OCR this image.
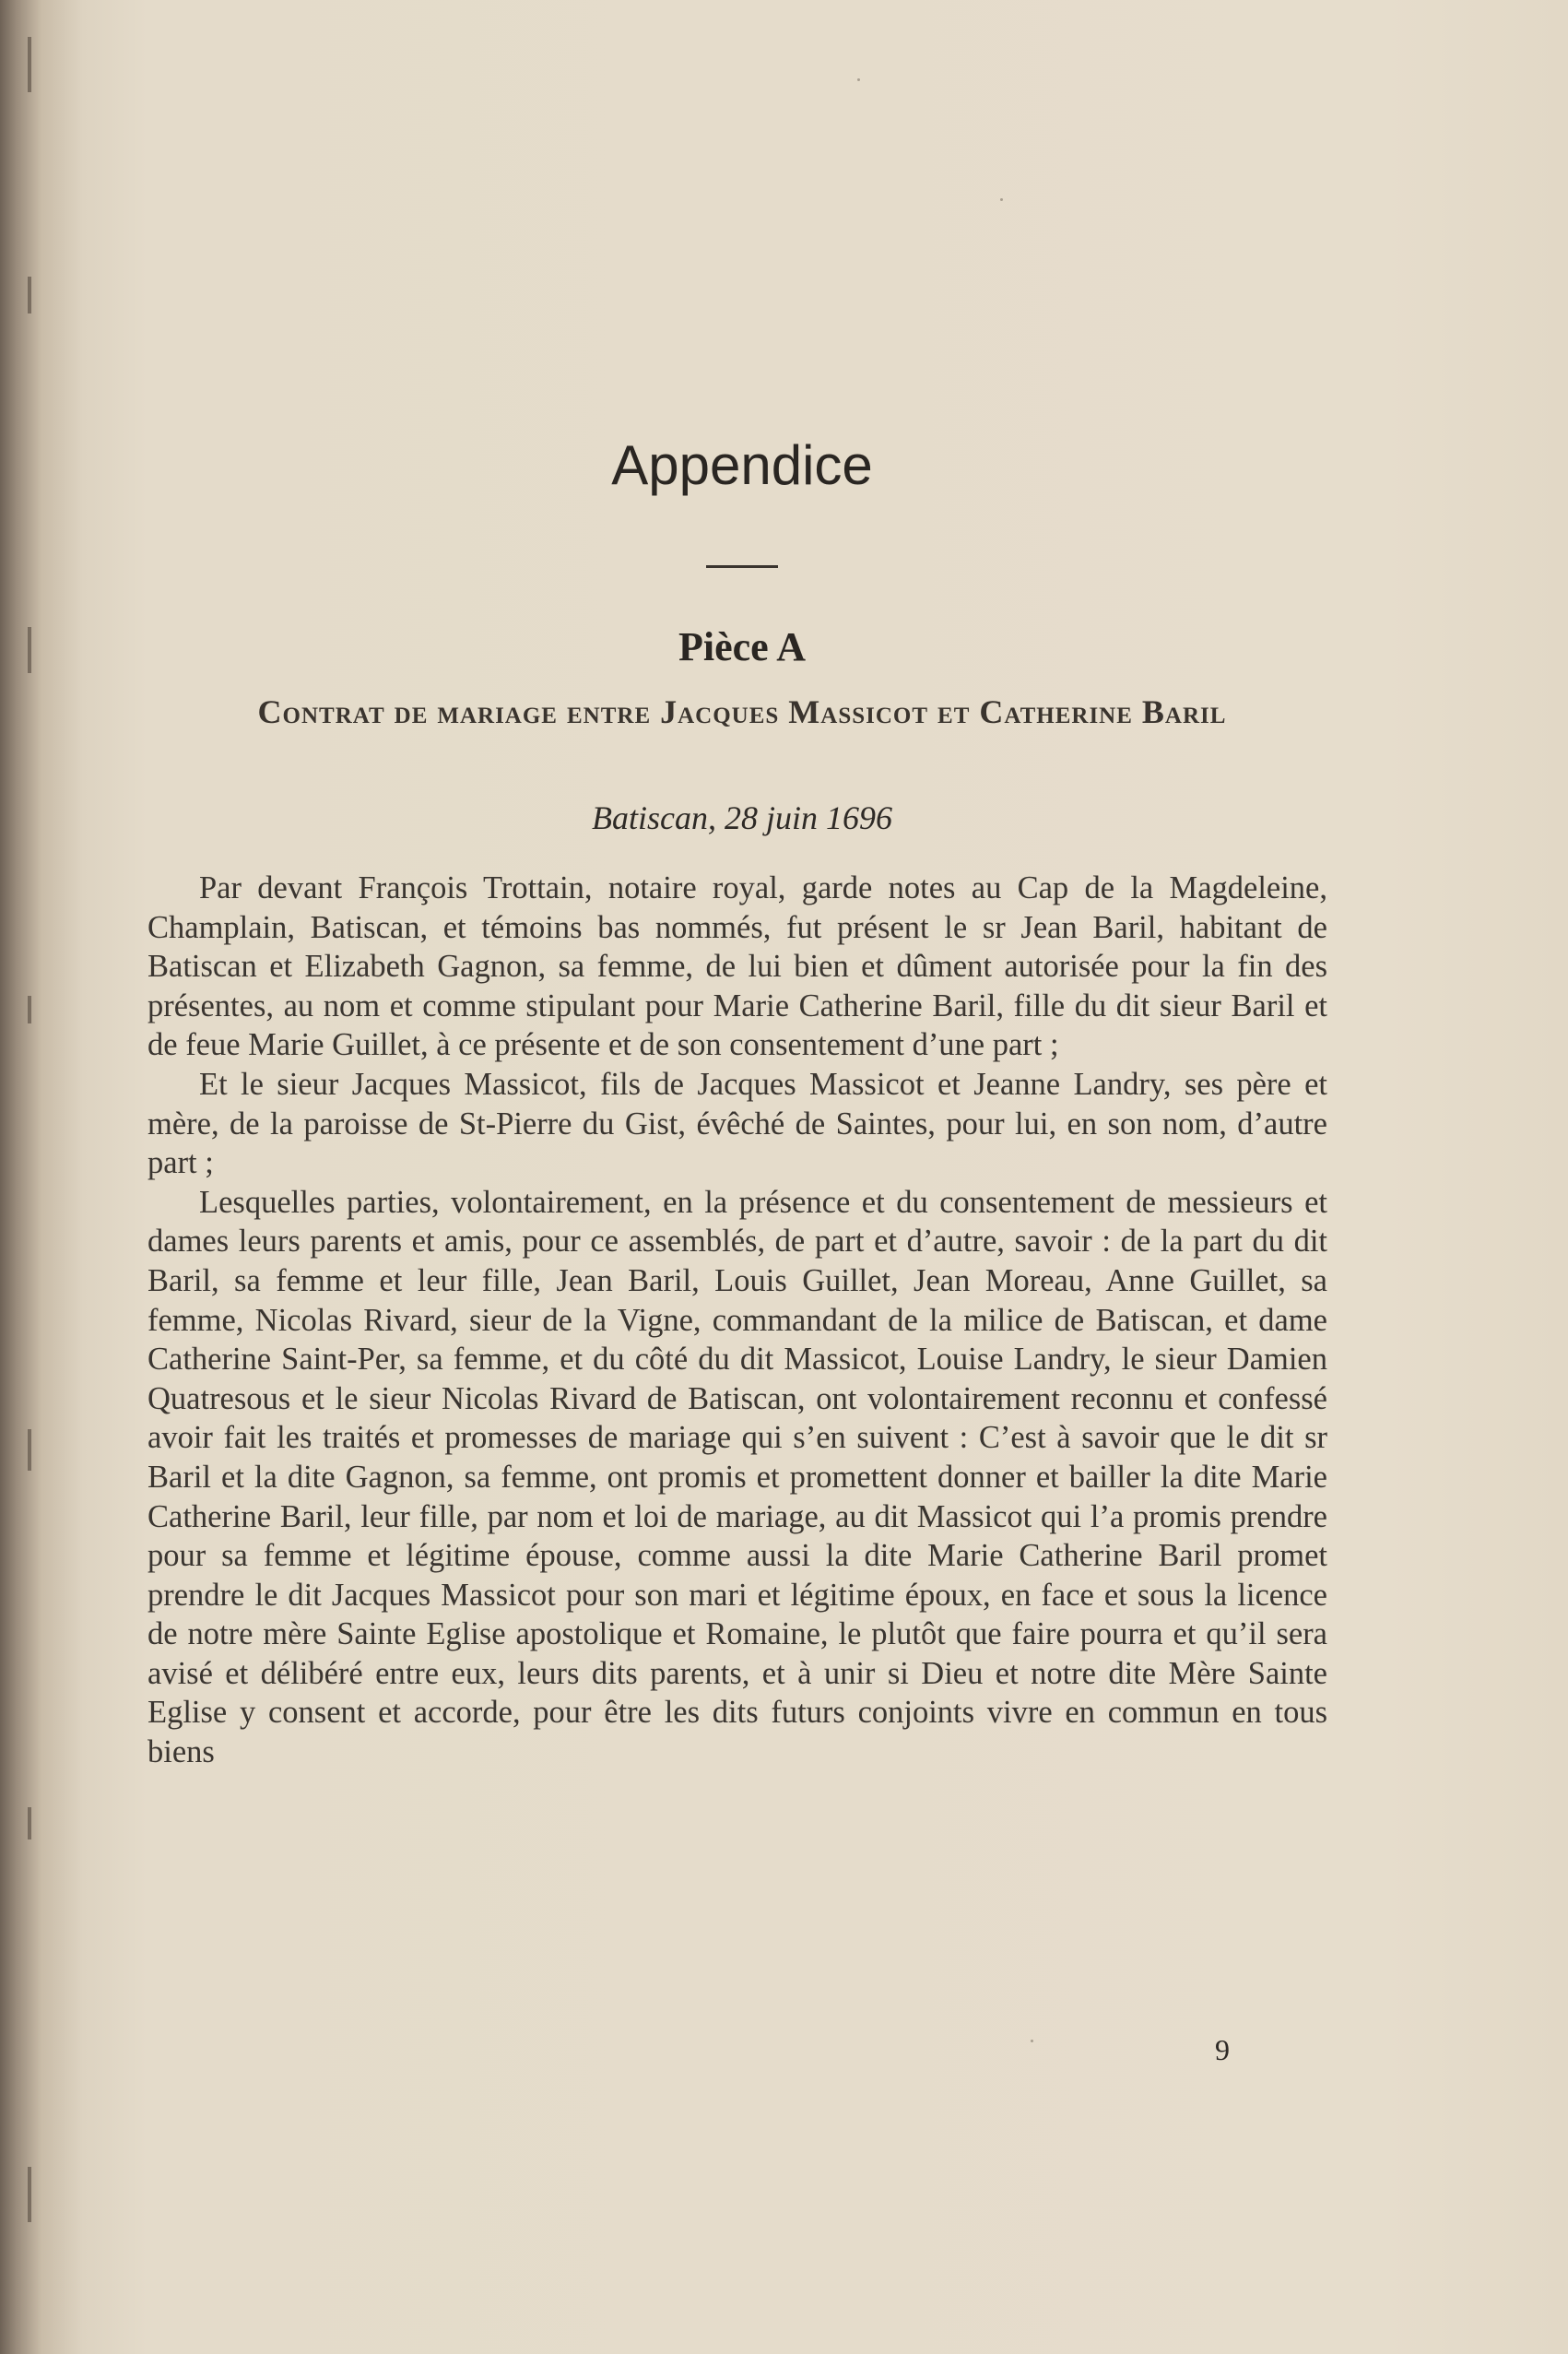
Appendice
Pièce A
Contrat de mariage entre Jacques Massicot et Catherine Baril
Batiscan, 28 juin 1696

Par devant François Trottain, notaire royal, garde notes au Cap de la Magdeleine, Champlain, Batiscan, et témoins bas nommés, fut présent le sr Jean Baril, habitant de Batiscan et Elizabeth Gagnon, sa femme, de lui bien et dûment autorisée pour la fin des présentes, au nom et comme stipulant pour Marie Catherine Baril, fille du dit sieur Baril et de feue Marie Guillet, à ce présente et de son consentement d’une part ;

Et le sieur Jacques Massicot, fils de Jacques Massicot et Jeanne Landry, ses père et mère, de la paroisse de St-Pierre du Gist, évêché de Saintes, pour lui, en son nom, d’autre part ;

Lesquelles parties, volontairement, en la présence et du consentement de messieurs et dames leurs parents et amis, pour ce assemblés, de part et d’autre, savoir : de la part du dit Baril, sa femme et leur fille, Jean Baril, Louis Guillet, Jean Moreau, Anne Guillet, sa femme, Nicolas Rivard, sieur de la Vigne, commandant de la milice de Batiscan, et dame Catherine Saint-Per, sa femme, et du côté du dit Massicot, Louise Landry, le sieur Damien Quatresous et le sieur Nicolas Rivard de Batiscan, ont volontairement reconnu et confessé avoir fait les traités et promesses de mariage qui s’en suivent : C’est à savoir que le dit sr Baril et la dite Gagnon, sa femme, ont promis et promettent donner et bailler la dite Marie Catherine Baril, leur fille, par nom et loi de mariage, au dit Massicot qui l’a promis prendre pour sa femme et légitime épouse, comme aussi la dite Marie Catherine Baril promet prendre le dit Jacques Massicot pour son mari et légitime époux, en face et sous la licence de notre mère Sainte Eglise apostolique et Romaine, le plutôt que faire pourra et qu’il sera avisé et délibéré entre eux, leurs dits parents, et à unir si Dieu et notre dite Mère Sainte Eglise y consent et accorde, pour être les dits futurs conjoints vivre en commun en tous biens

9
